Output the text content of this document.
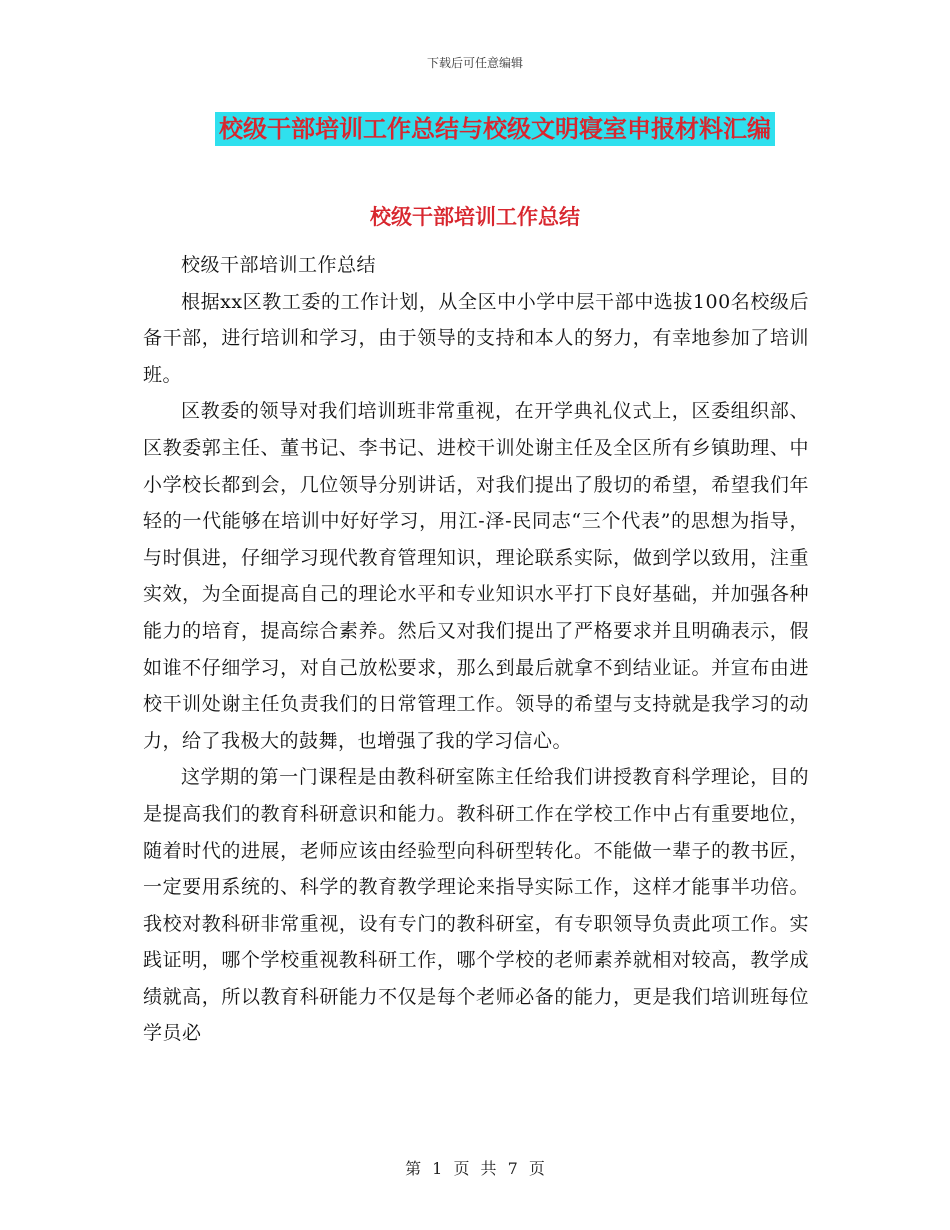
下载后可任意编辑
校级干部培训工作总结与校级文明寝室申报材料汇编
校级干部培训工作总结

校级干部培训工作总结

根据xx区教工委的工作计划，从全区中小学中层干部中选拔100名校级后备干部，进行培训和学习，由于领导的支持和本人的努力，有幸地参加了培训班。

区教委的领导对我们培训班非常重视，在开学典礼仪式上，区委组织部、区教委郭主任、董书记、李书记、进校干训处谢主任及全区所有乡镇助理、中小学校长都到会，几位领导分别讲话，对我们提出了殷切的希望，希望我们年轻的一代能够在培训中好好学习，用江-泽-民同志“三个代表”的思想为指导，与时俱进，仔细学习现代教育管理知识，理论联系实际，做到学以致用，注重实效，为全面提高自己的理论水平和专业知识水平打下良好基础，并加强各种能力的培育，提高综合素养。然后又对我们提出了严格要求并且明确表示，假如谁不仔细学习，对自己放松要求，那么到最后就拿不到结业证。并宣布由进校干训处谢主任负责我们的日常管理工作。领导的希望与支持就是我学习的动力，给了我极大的鼓舞，也增强了我的学习信心。

这学期的第一门课程是由教科研室陈主任给我们讲授教育科学理论，目的是提高我们的教育科研意识和能力。教科研工作在学校工作中占有重要地位，随着时代的进展，老师应该由经验型向科研型转化。不能做一辈子的教书匠，一定要用系统的、科学的教育教学理论来指导实际工作，这样才能事半功倍。我校对教科研非常重视，设有专门的教科研室，有专职领导负责此项工作。实践证明，哪个学校重视教科研工作，哪个学校的老师素养就相对较高，教学成绩就高，所以教育科研能力不仅是每个老师必备的能力，更是我们培训班每位学员必

第 1 页 共 7 页
